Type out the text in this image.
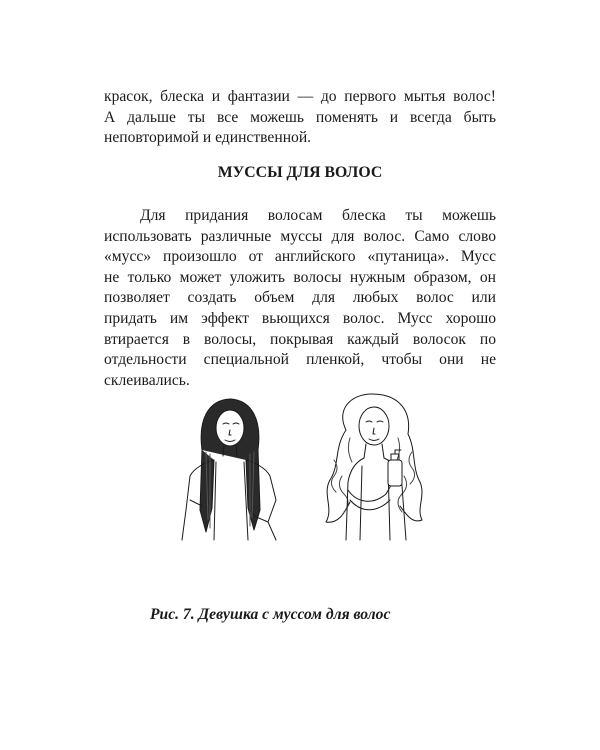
красок, блеска и фантазии — до первого мытья волос!
А дальше ты все можешь поменять и всегда быть
неповторимой и единственной.

МУССЫ ДЛЯ ВОЛОС

Для придания волосам блеска ты можешь
использовать различные муссы для волос. Само слово
«мусс» произошло от английского «путаница». Мусс
не только может уложить волосы нужным образом, он
позволяет создать объем для любых волос или
придать им эффект вьющихся волос. Мусс хорошо
втирается в волосы, покрывая каждый волосок по
отдельности специальной пленкой, чтобы они не
склеивались.

Рис. 7. Девушка с муссом для волос
